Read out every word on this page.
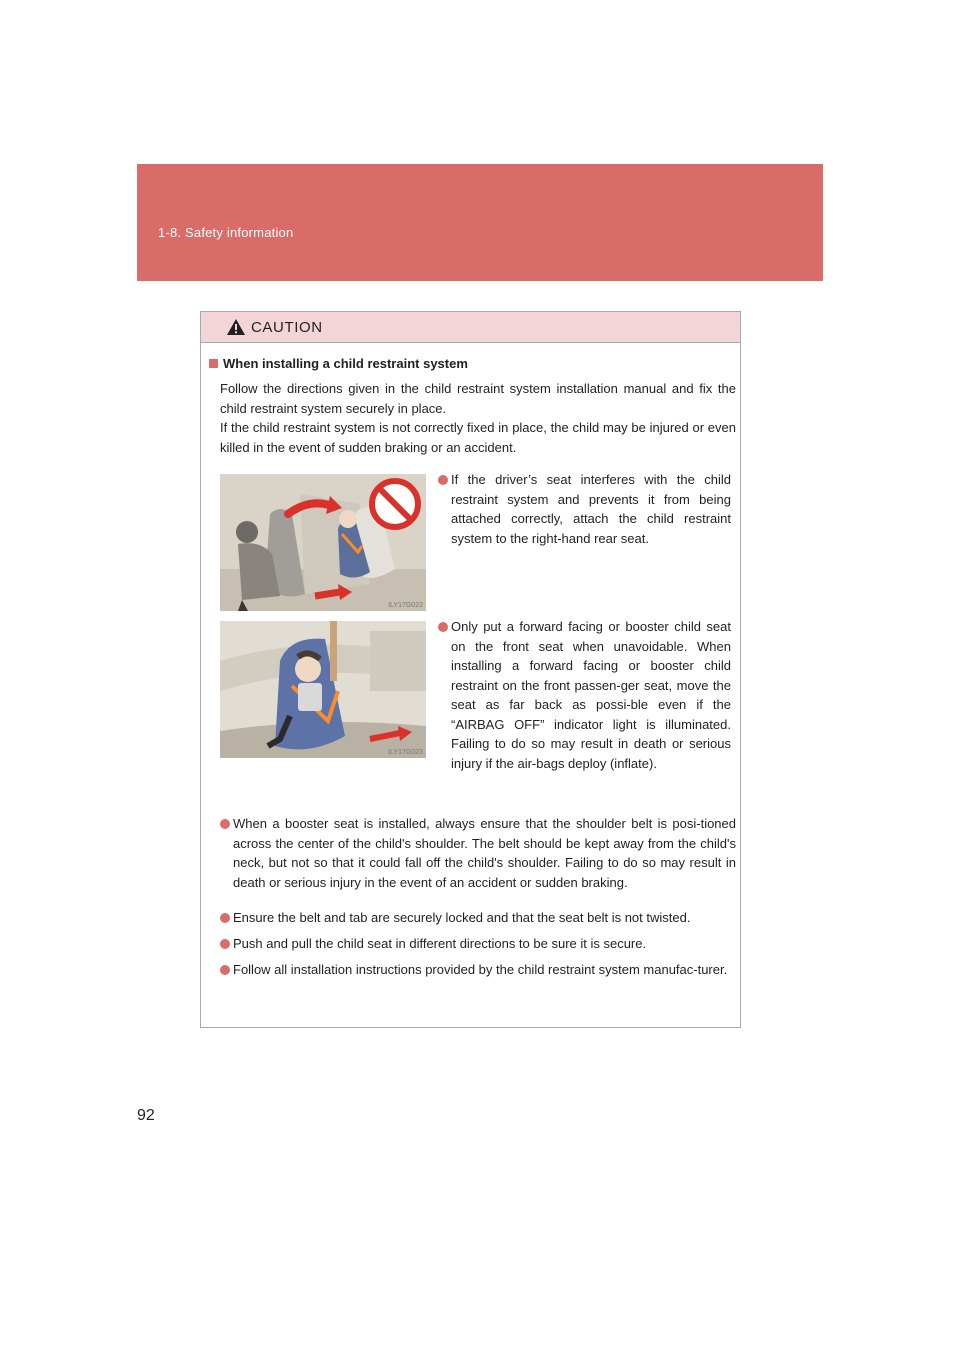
1-8. Safety information
CAUTION
When installing a child restraint system

Follow the directions given in the child restraint system installation manual and fix the child restraint system securely in place.

If the child restraint system is not correctly fixed in place, the child may be injured or even killed in the event of sudden braking or an accident.

ILY17G022
ILY17G023
If the driver’s seat interferes with the child restraint system and prevents it from being attached correctly, attach the child restraint system to the right-hand rear seat.
Only put a forward facing or booster child seat on the front seat when unavoidable. When installing a forward facing or booster child restraint on the front passen-ger seat, move the seat as far back as possi-ble even if the “AIRBAG OFF” indicator light is illuminated. Failing to do so may result in death or serious injury if the air-bags deploy (inflate).
When a booster seat is installed, always ensure that the shoulder belt is posi-tioned across the center of the child's shoulder. The belt should be kept away from the child's neck, but not so that it could fall off the child's shoulder. Failing to do so may result in death or serious injury in the event of an accident or sudden braking.
Ensure the belt and tab are securely locked and that the seat belt is not twisted.
Push and pull the child seat in different directions to be sure it is secure.
Follow all installation instructions provided by the child restraint system manufac-turer.
92
